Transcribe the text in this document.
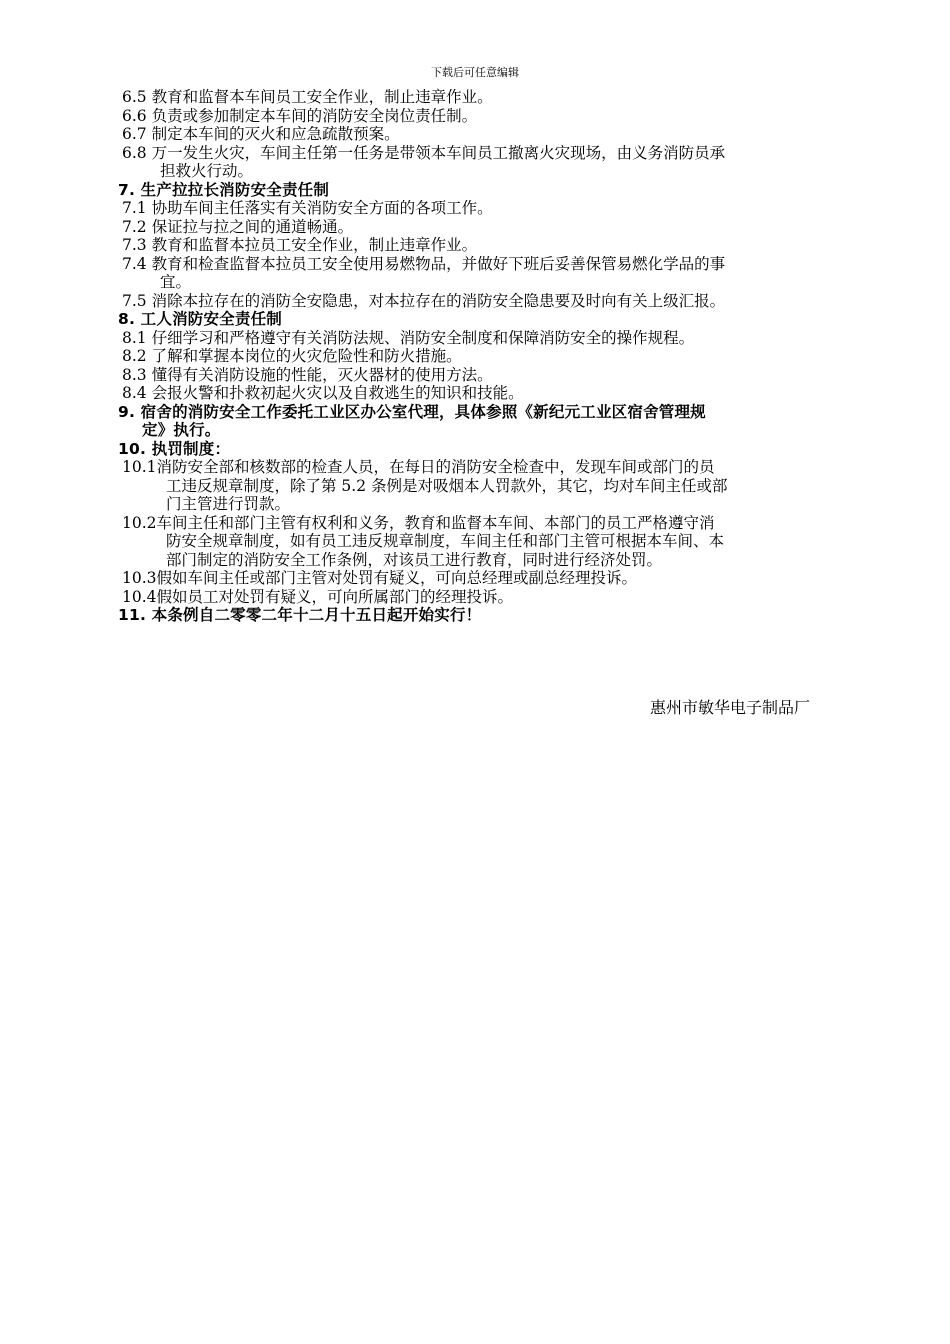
下载后可任意编辑
6.5 教育和监督本车间员工安全作业，制止违章作业。
6.6 负责或参加制定本车间的消防安全岗位责任制。
6.7 制定本车间的灭火和应急疏散预案。
6.8 万一发生火灾，车间主任第一任务是带领本车间员工撤离火灾现场，由义务消防员承
担救火行动。
7. 生产拉拉长消防安全责任制
7.1 协助车间主任落实有关消防安全方面的各项工作。
7.2 保证拉与拉之间的通道畅通。
7.3 教育和监督本拉员工安全作业，制止违章作业。
7.4 教育和检查监督本拉员工安全使用易燃物品，并做好下班后妥善保管易燃化学品的事
宜。
7.5 消除本拉存在的消防全安隐患，对本拉存在的消防安全隐患要及时向有关上级汇报。
8. 工人消防安全责任制
8.1 仔细学习和严格遵守有关消防法规、消防安全制度和保障消防安全的操作规程。
8.2 了解和掌握本岗位的火灾危险性和防火措施。
8.3 懂得有关消防设施的性能，灭火器材的使用方法。
8.4 会报火警和扑救初起火灾以及自救逃生的知识和技能。
9. 宿舍的消防安全工作委托工业区办公室代理，具体参照《新纪元工业区宿舍管理规
定》执行。
10. 执罚制度：
10.1消防安全部和核数部的检查人员，在每日的消防安全检查中，发现车间或部门的员
工违反规章制度，除了第 5.2 条例是对吸烟本人罚款外，其它，均对车间主任或部
门主管进行罚款。
10.2车间主任和部门主管有权利和义务，教育和监督本车间、本部门的员工严格遵守消
防安全规章制度，如有员工违反规章制度，车间主任和部门主管可根据本车间、本
部门制定的消防安全工作条例，对该员工进行教育，同时进行经济处罚。
10.3假如车间主任或部门主管对处罚有疑义，可向总经理或副总经理投诉。
10.4假如员工对处罚有疑义，可向所属部门的经理投诉。
11. 本条例自二零零二年十二月十五日起开始实行！
惠州市敏华电子制品厂
